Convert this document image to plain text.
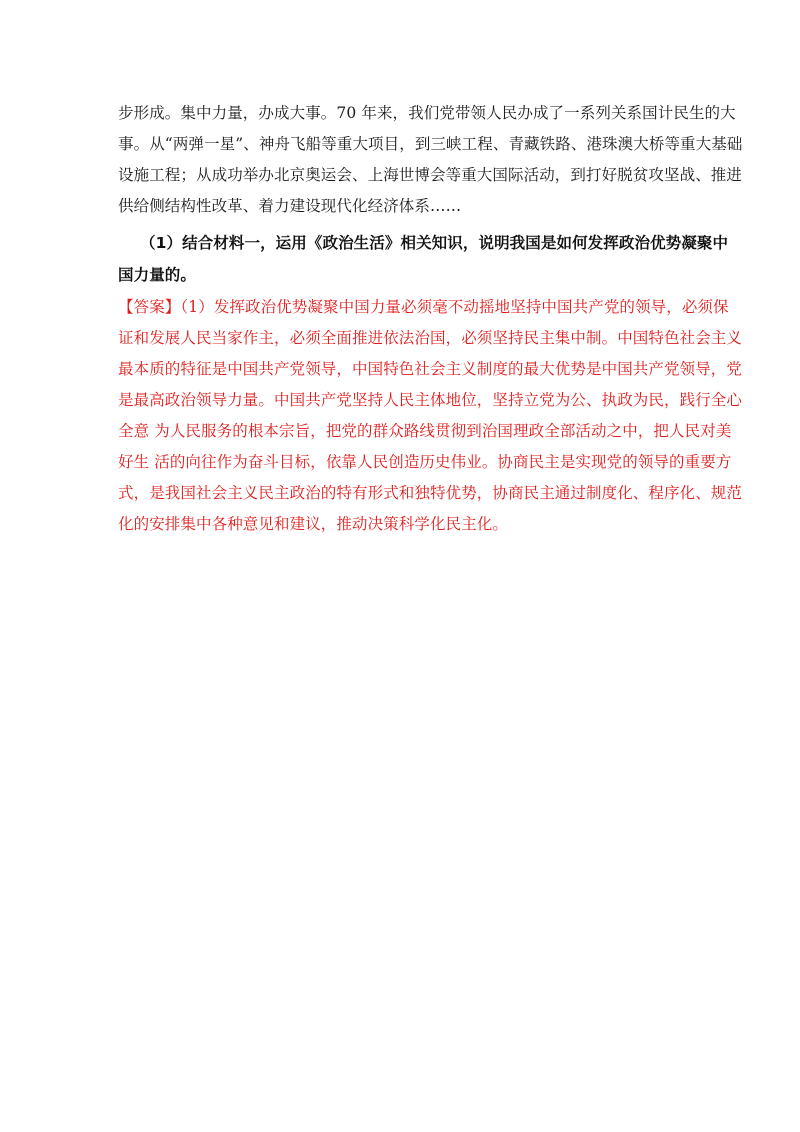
步形成。集中力量，办成大事。70 年来，我们党带领人民办成了一系列关系国计民生的大
事。从“两弹一星”、神舟飞船等重大项目，到三峡工程、青藏铁路、港珠澳大桥等重大基础
设施工程；从成功举办北京奥运会、上海世博会等重大国际活动，到打好脱贫攻坚战、推进
供给侧结构性改革、着力建设现代化经济体系……
（1）结合材料一，运用《政治生活》相关知识，说明我国是如何发挥政治优势凝聚中
国力量的。
【答案】（1）发挥政治优势凝聚中国力量必须毫不动摇地坚持中国共产党的领导，必须保
证和发展人民当家作主，必须全面推进依法治国，必须坚持民主集中制。中国特色社会主义
最本质的特征是中国共产党领导，中国特色社会主义制度的最大优势是中国共产党领导，党
是最高政治领导力量。中国共产党坚持人民主体地位，坚持立党为公、执政为民，践行全心
全意 为人民服务的根本宗旨，把党的群众路线贯彻到治国理政全部活动之中，把人民对美
好生 活的向往作为奋斗目标，依靠人民创造历史伟业。协商民主是实现党的领导的重要方
式，是我国社会主义民主政治的特有形式和独特优势，协商民主通过制度化、程序化、规范
化的安排集中各种意见和建议，推动决策科学化民主化。
